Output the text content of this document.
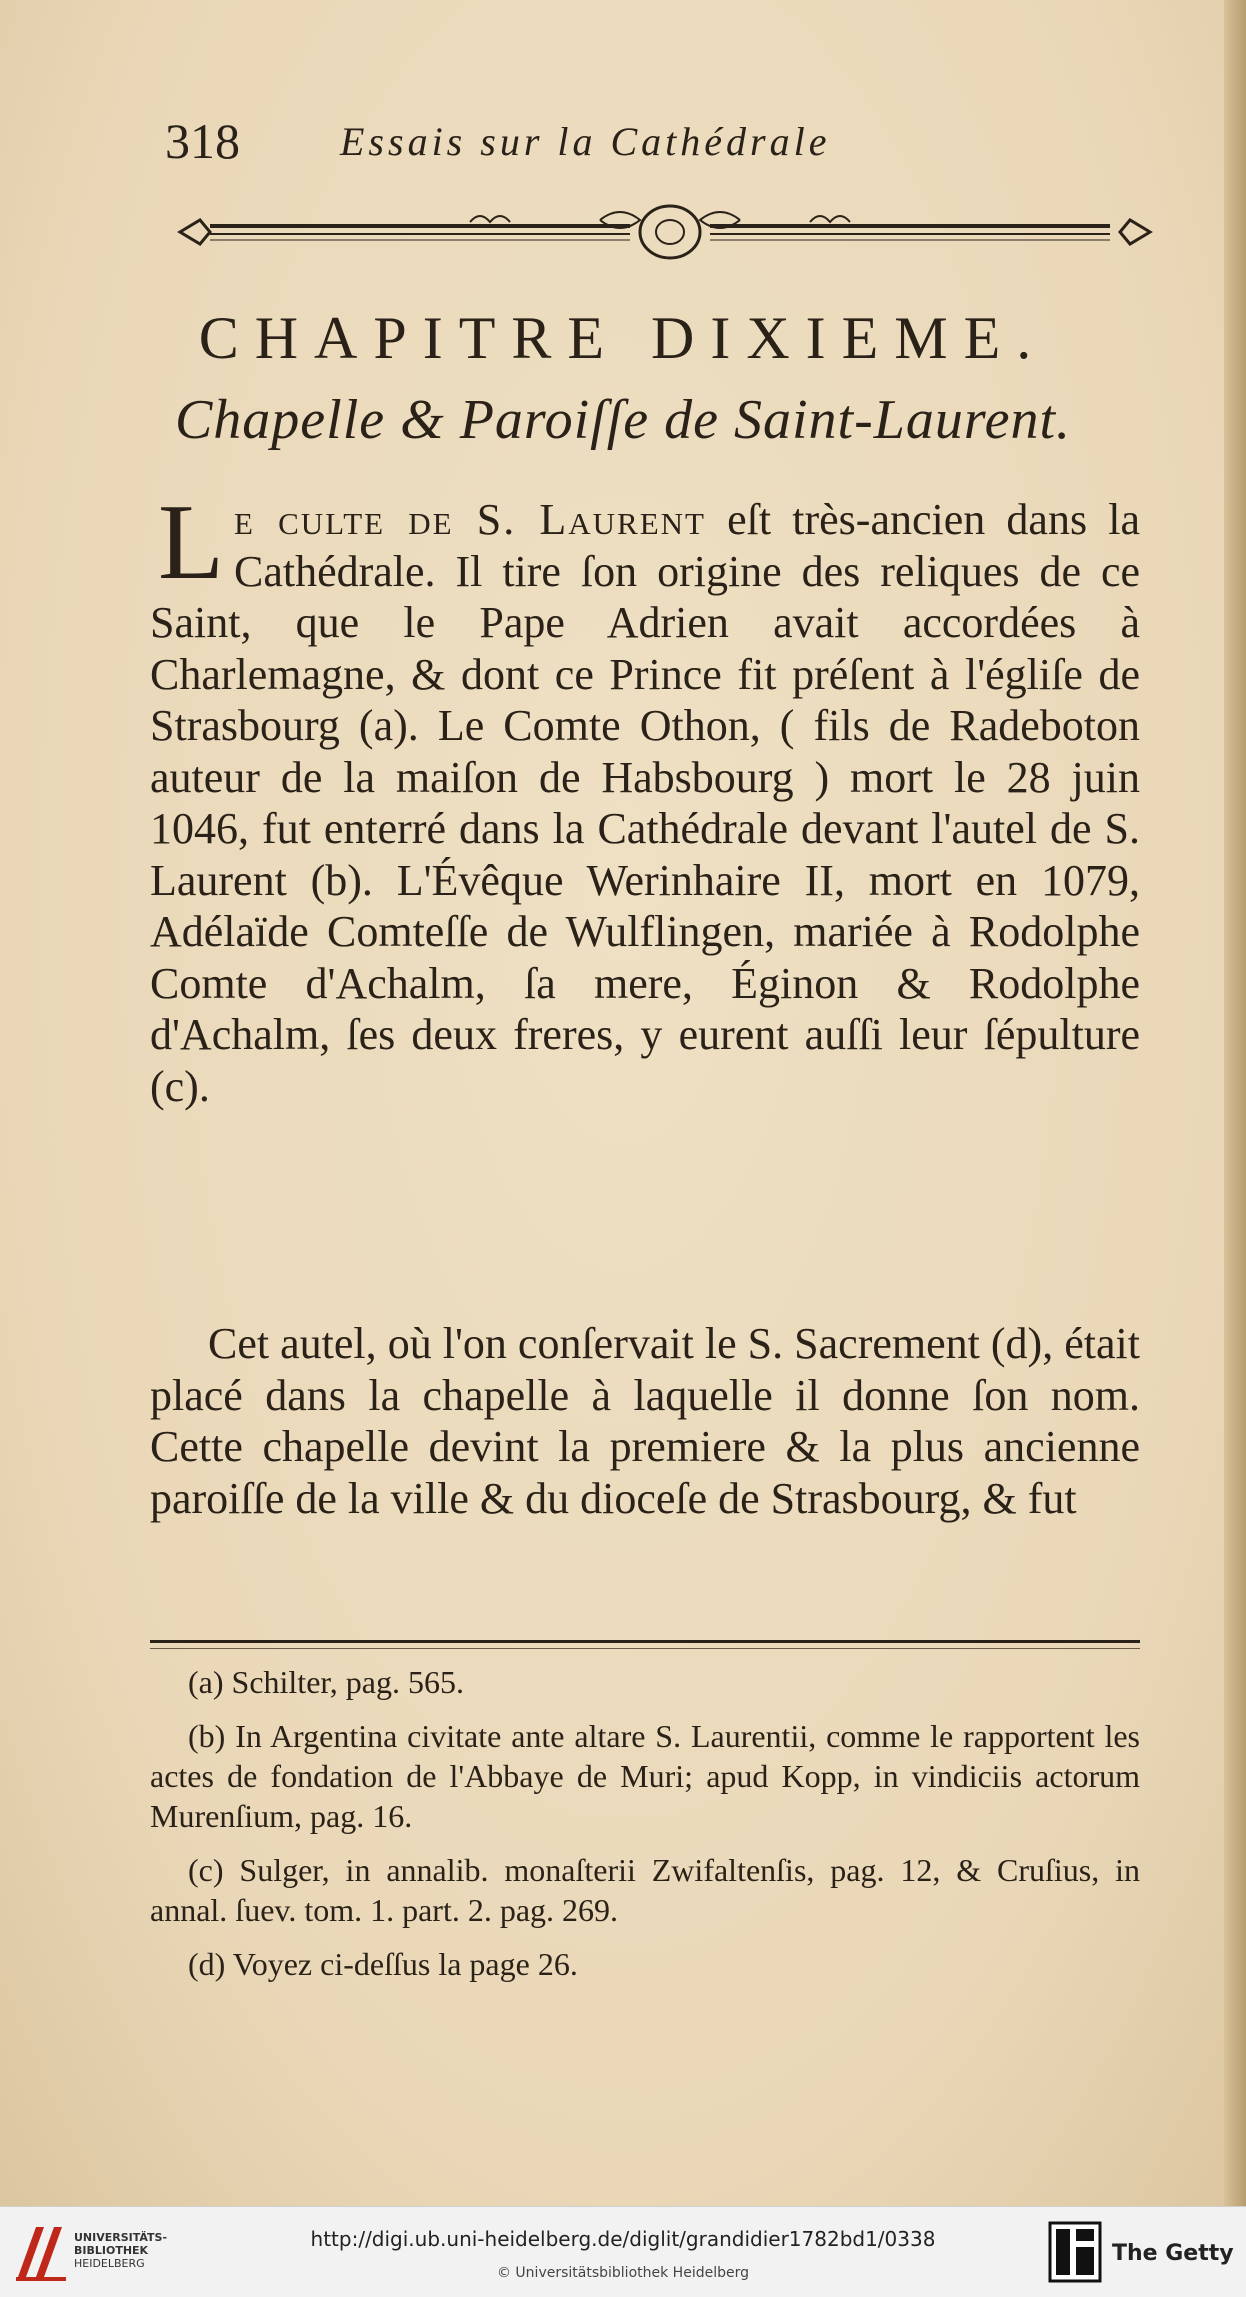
318	Essais sur la Cathédrale
CHAPITRE DIXIEME.
Chapelle & Paroiſſe de Saint-Laurent.
Le culte de S. Laurent eſt très-ancien dans la Cathédrale. Il tire ſon origine des reliques de ce Saint, que le Pape Adrien avait accordées à Charlemagne, & dont ce Prince fit préſent à l'égliſe de Strasbourg (a). Le Comte Othon, ( fils de Radeboton auteur de la maiſon de Habsbourg ) mort le 28 juin 1046, fut enterré dans la Cathédrale devant l'autel de S. Laurent (b). L'Évêque Werinhaire II, mort en 1079, Adélaïde Comteſſe de Wulflingen, mariée à Rodolphe Comte d'Achalm, ſa mere, Éginon & Rodolphe d'Achalm, ſes deux freres, y eurent auſſi leur ſépulture (c).
Cet autel, où l'on conſervait le S. Sacrement (d), était placé dans la chapelle à laquelle il donne ſon nom. Cette chapelle devint la premiere & la plus ancienne paroiſſe de la ville & du dioceſe de Strasbourg, & fut

(a) Schilter, pag. 565.

(b) In Argentina civitate ante altare S. Laurentii, comme le rapportent les actes de fondation de l'Abbaye de Muri; apud Kopp, in vindiciis actorum Murenſium, pag. 16.

(c) Sulger, in annalib. monaſterii Zwifaltenſis, pag. 12, & Cruſius, in annal. ſuev. tom. 1. part. 2. pag. 269.

(d) Voyez ci-deſſus la page 26.

UNIVERSITÄTS-
BIBLIOTHEK
HEIDELBERG
http://digi.ub.uni-heidelberg.de/diglit/grandidier1782bd1/0338
© Universitätsbibliothek Heidelberg
The Getty
